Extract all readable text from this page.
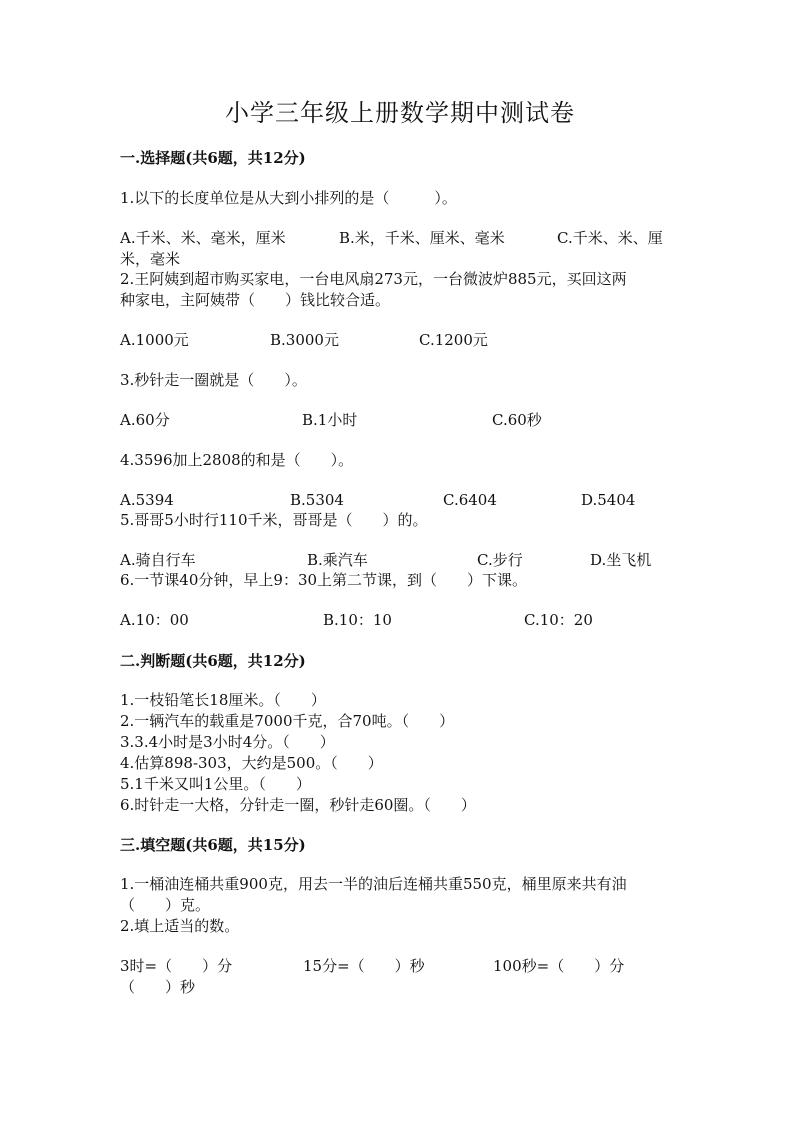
小学三年级上册数学期中测试卷
一.选择题(共6题，共12分)
1.以下的长度单位是从大到小排列的是（　　　）。
A.千米、米、毫米，厘米	B.米，千米、厘米、毫米	C.千米、米、厘
米，毫米
2.王阿姨到超市购买家电，一台电风扇273元，一台微波炉885元，买回这两
种家电，主阿姨带（　　）钱比较合适。
A.1000元	B.3000元	C.1200元
3.秒针走一圈就是（　　）。
A.60分	B.1小时	C.60秒
4.3596加上2808的和是（　　）。
A.5394	B.5304	C.6404	D.5404
5.哥哥5小时行110千米，哥哥是（　　）的。
A.骑自行车	B.乘汽车	C.步行	D.坐飞机
6.一节课40分钟，早上9：30上第二节课，到（　　）下课。
A.10：00	B.10：10	C.10：20
二.判断题(共6题，共12分)
1.一枝铅笔长18厘米。（　　）
2.一辆汽车的载重是7000千克，合70吨。（　　）
3.3.4小时是3小时4分。（　　）
4.估算898-303，大约是500。（　　）
5.1千米又叫1公里。（　　）
6.时针走一大格，分针走一圈，秒针走60圈。（　　）
三.填空题(共6题，共15分)
1.一桶油连桶共重900克，用去一半的油后连桶共重550克，桶里原来共有油
（　　）克。
2.填上适当的数。
3时=（　　）分	15分=（　　）秒	100秒=（　　）分
（　　）秒
